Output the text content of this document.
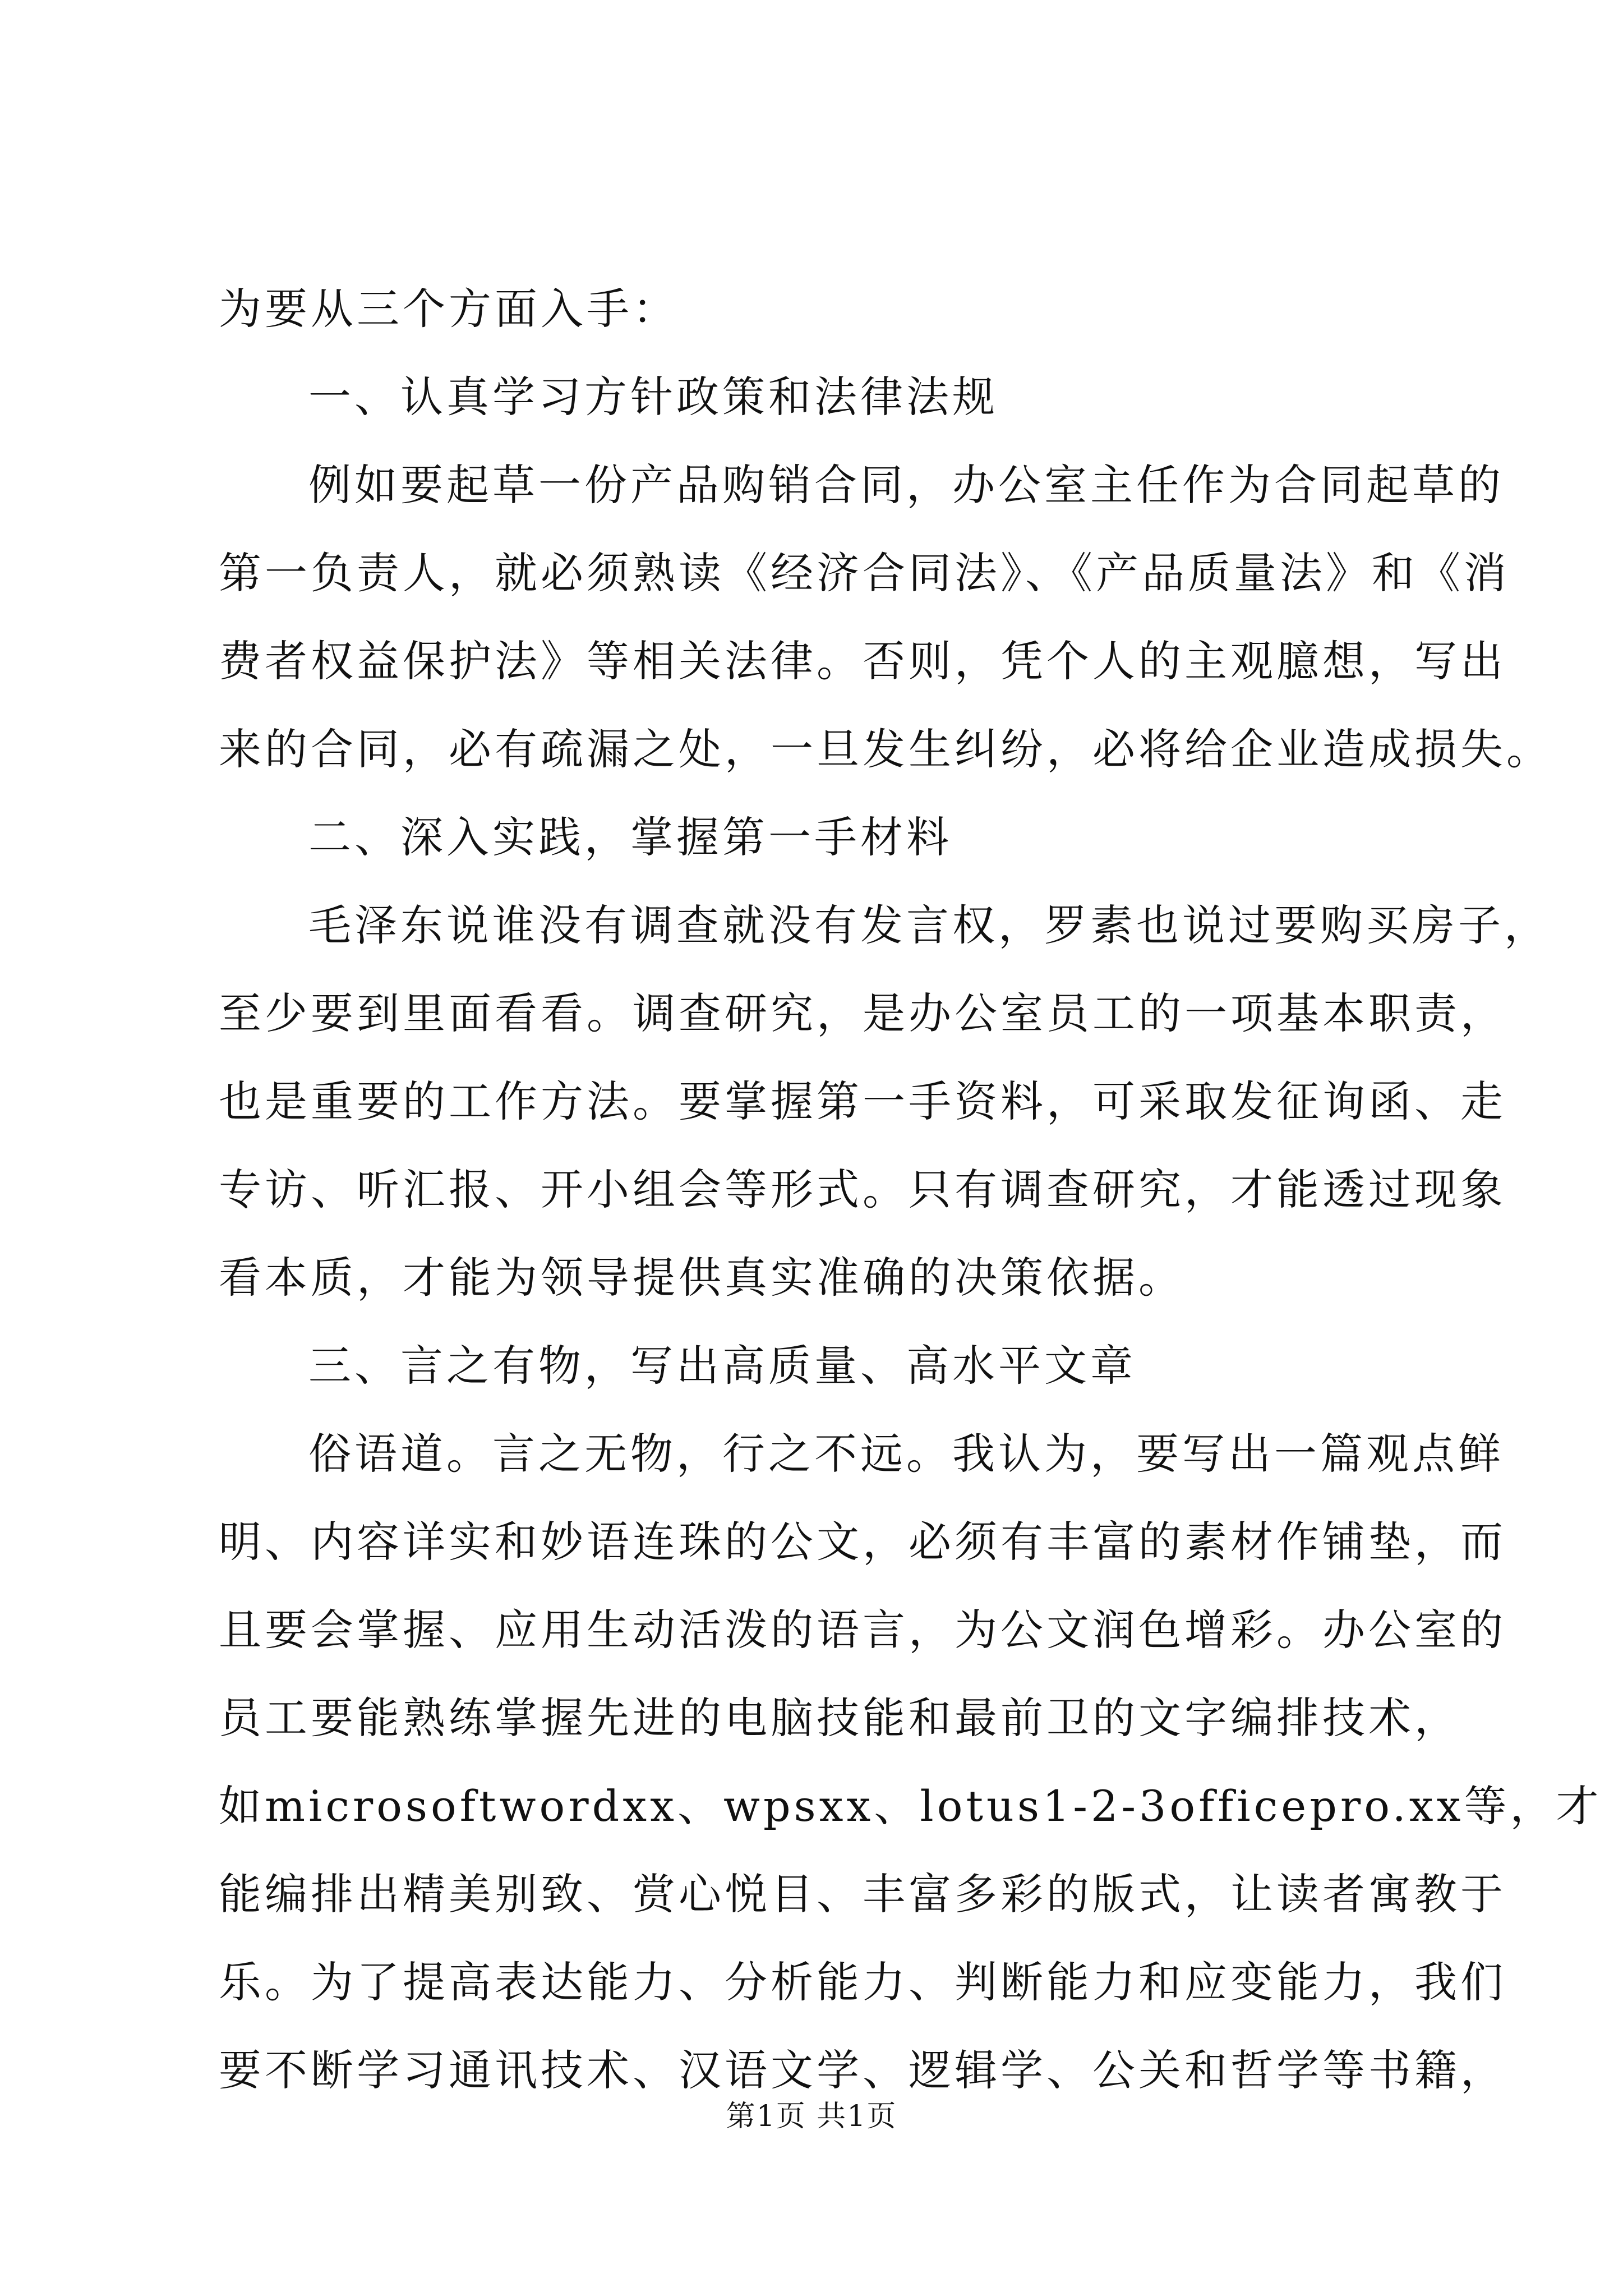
为要从三个方面入手：
一、认真学习方针政策和法律法规
例如要起草一份产品购销合同，办公室主任作为合同起草的
第一负责人，就必须熟读《经济合同法》、《产品质量法》和《消
费者权益保护法》等相关法律。否则，凭个人的主观臆想，写出
来的合同，必有疏漏之处，一旦发生纠纷，必将给企业造成损失。
二、深入实践，掌握第一手材料
毛泽东说谁没有调查就没有发言权，罗素也说过要购买房子，
至少要到里面看看。调查研究，是办公室员工的一项基本职责，
也是重要的工作方法。要掌握第一手资料，可采取发征询函、走
专访、听汇报、开小组会等形式。只有调查研究，才能透过现象
看本质，才能为领导提供真实准确的决策依据。
三、言之有物，写出高质量、高水平文章
俗语道。言之无物，行之不远。我认为，要写出一篇观点鲜
明、内容详实和妙语连珠的公文，必须有丰富的素材作铺垫，而
且要会掌握、应用生动活泼的语言，为公文润色增彩。办公室的
员工要能熟练掌握先进的电脑技能和最前卫的文字编排技术，
如microsoftwordxx、wpsxx、lotus1-2-3officepro.xx等，才
能编排出精美别致、赏心悦目、丰富多彩的版式，让读者寓教于
乐。为了提高表达能力、分析能力、判断能力和应变能力，我们
要不断学习通讯技术、汉语文学、逻辑学、公关和哲学等书籍，
第1页 共1页
